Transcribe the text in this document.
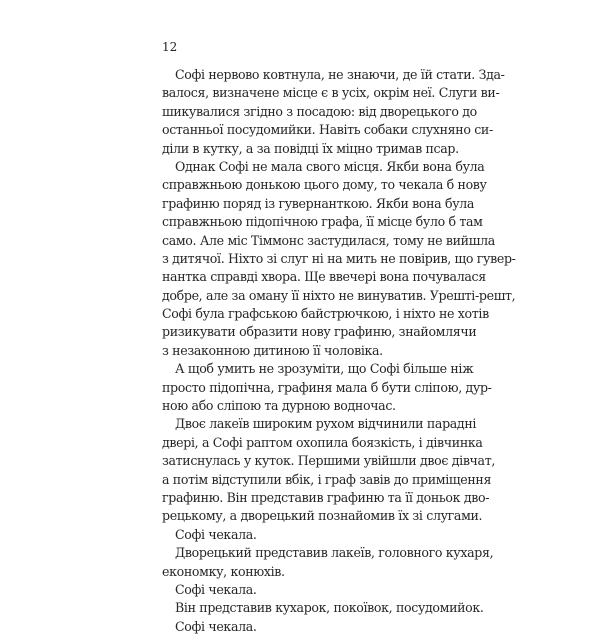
12
Софі нервово ковтнула, не знаючи, де їй стати. Зда-
валося, визначене місце є в усіх, окрім неї. Слуги ви-
шикувалися згідно з посадою: від дворецького до
останньої посудомийки. Навіть собаки слухняно си-
діли в кутку, а за повідці їх міцно тримав псар.
Однак Софі не мала свого місця. Якби вона була
справжньою донькою цього дому, то чекала б нову
графиню поряд із гувернанткою. Якби вона була
справжньою підопічною графа, її місце було б там
само. Але міс Тіммонс застудилася, тому не вийшла
з дитячої. Ніхто зі слуг ні на мить не повірив, що гувер-
нантка справді хвора. Ще ввечері вона почувалася
добре, але за оману її ніхто не винуватив. Урешті-решт,
Софі була графською байстрючкою, і ніхто не хотів
ризикувати образити нову графиню, знайомлячи
з незаконною дитиною її чоловіка.
А щоб умить не зрозуміти, що Софі більше ніж
просто підопічна, графиня мала б бути сліпою, дур-
ною або сліпою та дурною водночас.
Двоє лакеїв широким рухом відчинили парадні
двері, а Софі раптом охопила боязкість, і дівчинка
затиснулась у куток. Першими увійшли двоє дівчат,
а потім відступили вбік, і граф завів до приміщення
графиню. Він представив графиню та її доньок дво-
рецькому, а дворецький познайомив їх зі слугами.
Софі чекала.
Дворецький представив лакеїв, головного кухаря,
економку, конюхів.
Софі чекала.
Він представив кухарок, покоївок, посудомийок.
Софі чекала.
